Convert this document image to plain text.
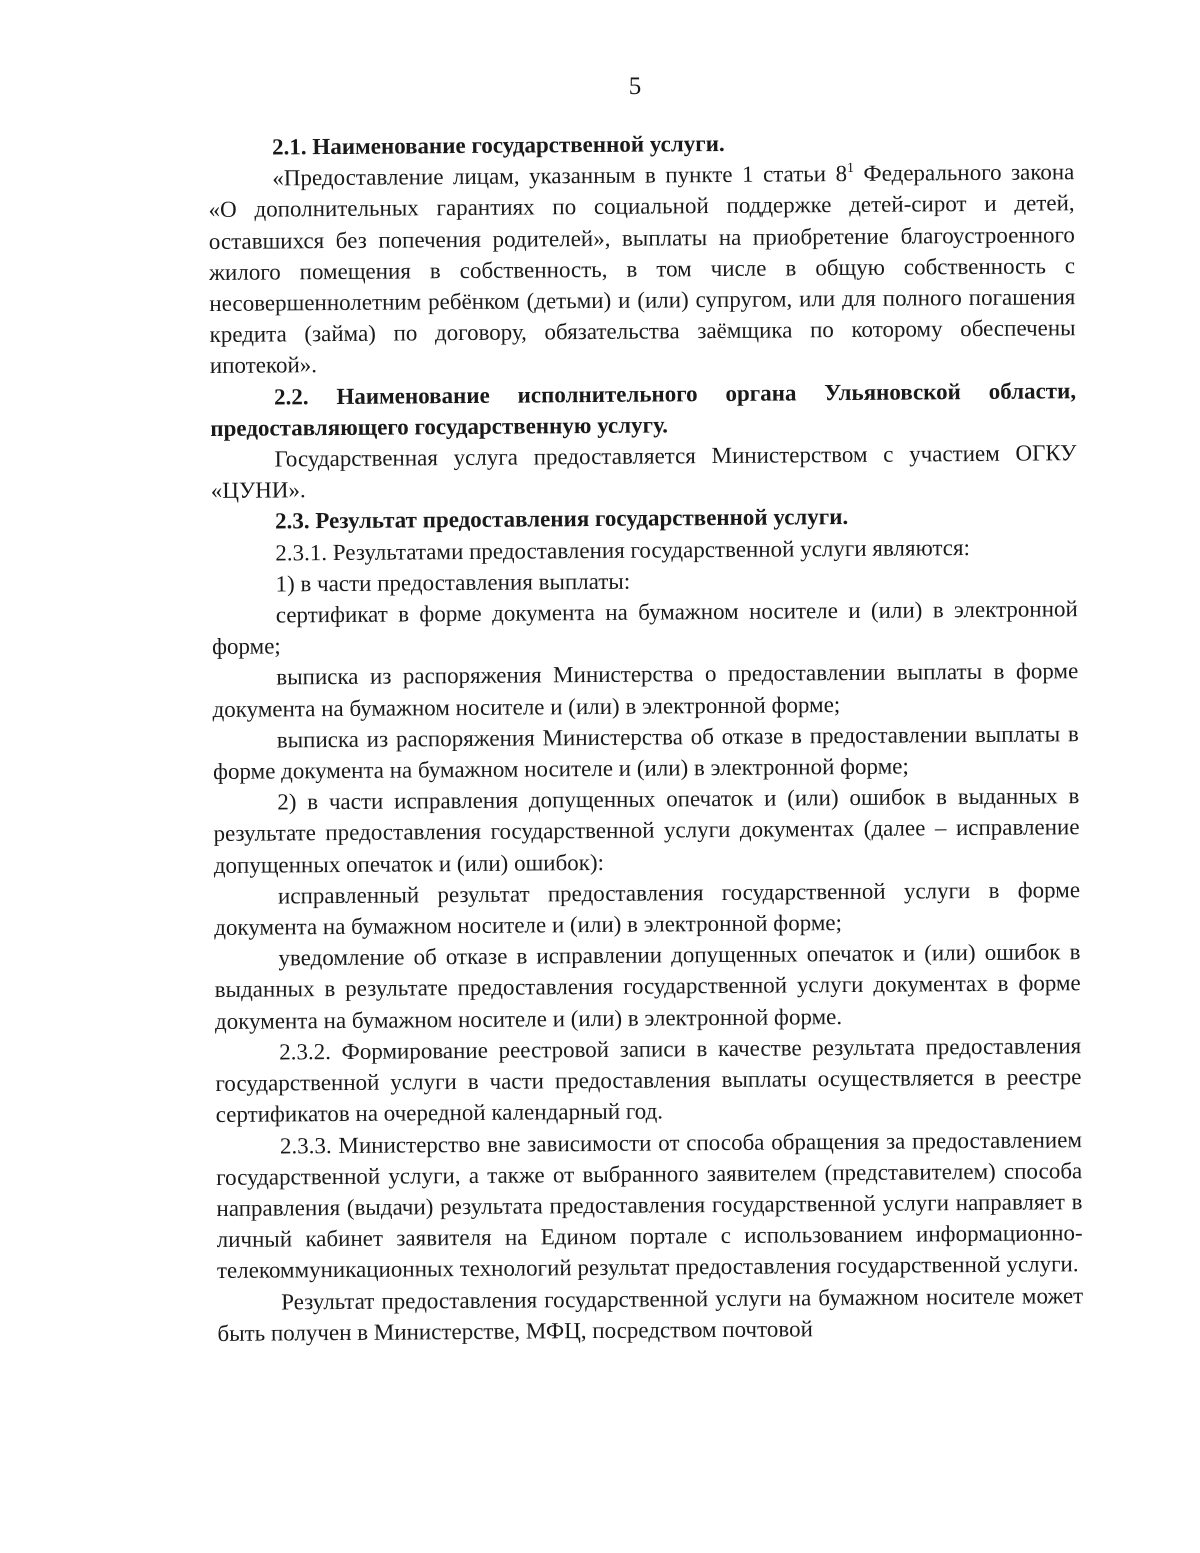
5

2.1. Наименование государственной услуги.

«Предоставление лицам, указанным в пункте 1 статьи $8^1$ Федерального закона «О дополнительных гарантиях по социальной поддержке детей-сирот и детей, оставшихся без попечения родителей», выплаты на приобретение благоустроенного жилого помещения в собственность, в том числе в общую собственность с несовершеннолетним ребёнком (детьми) и (или) супругом, или для полного погашения кредита (займа) по договору, обязательства заёмщика по которому обеспечены ипотекой».

2.2. Наименование исполнительного органа Ульяновской области, предоставляющего государственную услугу.

Государственная услуга предоставляется Министерством с участием ОГКУ «ЦУНИ».

2.3. Результат предоставления государственной услуги.

2.3.1. Результатами предоставления государственной услуги являются:

1) в части предоставления выплаты:

сертификат в форме документа на бумажном носителе и (или) в электронной форме;

выписка из распоряжения Министерства о предоставлении выплаты в форме документа на бумажном носителе и (или) в электронной форме;

выписка из распоряжения Министерства об отказе в предоставлении выплаты в форме документа на бумажном носителе и (или) в электронной форме;

2) в части исправления допущенных опечаток и (или) ошибок в выданных в результате предоставления государственной услуги документах (далее – исправление допущенных опечаток и (или) ошибок):

исправленный результат предоставления государственной услуги в форме документа на бумажном носителе и (или) в электронной форме;

уведомление об отказе в исправлении допущенных опечаток и (или) ошибок в выданных в результате предоставления государственной услуги документах в форме документа на бумажном носителе и (или) в электронной форме.

2.3.2. Формирование реестровой записи в качестве результата предоставления государственной услуги в части предоставления выплаты осуществляется в реестре сертификатов на очередной календарный год.

2.3.3. Министерство вне зависимости от способа обращения за предоставлением государственной услуги, а также от выбранного заявителем (представителем) способа направления (выдачи) результата предоставления государственной услуги направляет в личный кабинет заявителя на Едином портале с использованием информационно-телекоммуникационных технологий результат предоставления государственной услуги.

Результат предоставления государственной услуги на бумажном носителе может быть получен в Министерстве, МФЦ, посредством почтовой
